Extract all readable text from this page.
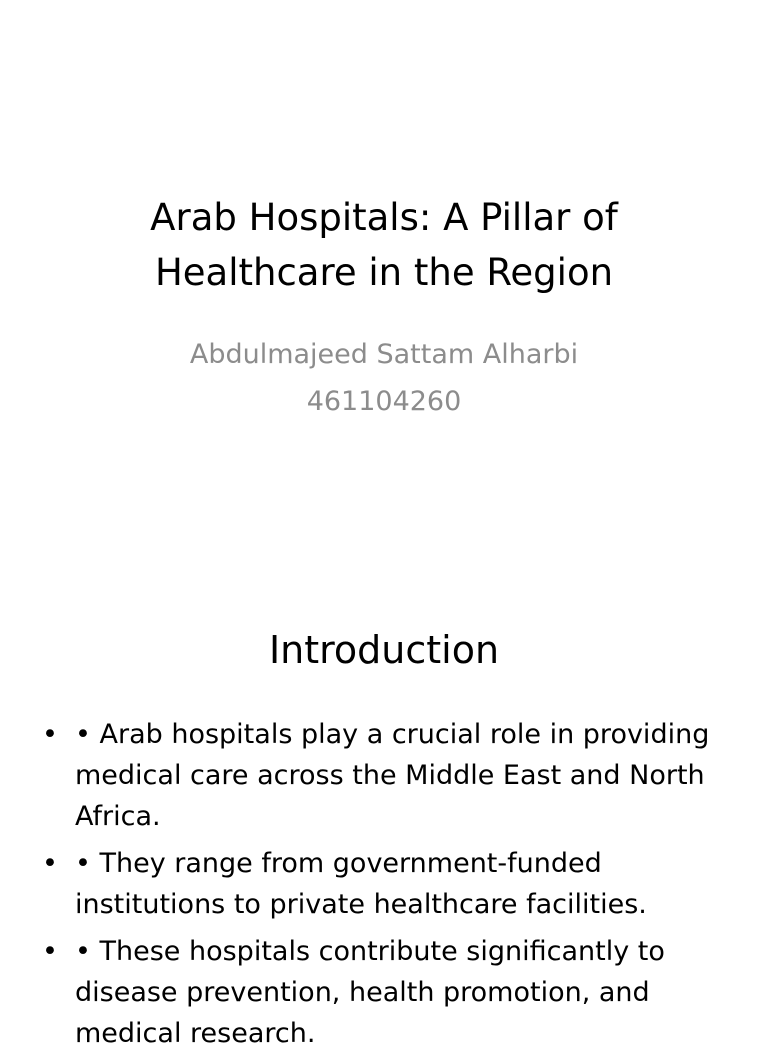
Arab Hospitals: A Pillar of Healthcare in the Region
Abdulmajeed Sattam Alharbi
461104260
Introduction
• • Arab hospitals play a crucial role in providing medical care across the Middle East and North Africa.
• • They range from government-funded institutions to private healthcare facilities.
• • These hospitals contribute significantly to disease prevention, health promotion, and medical research.
